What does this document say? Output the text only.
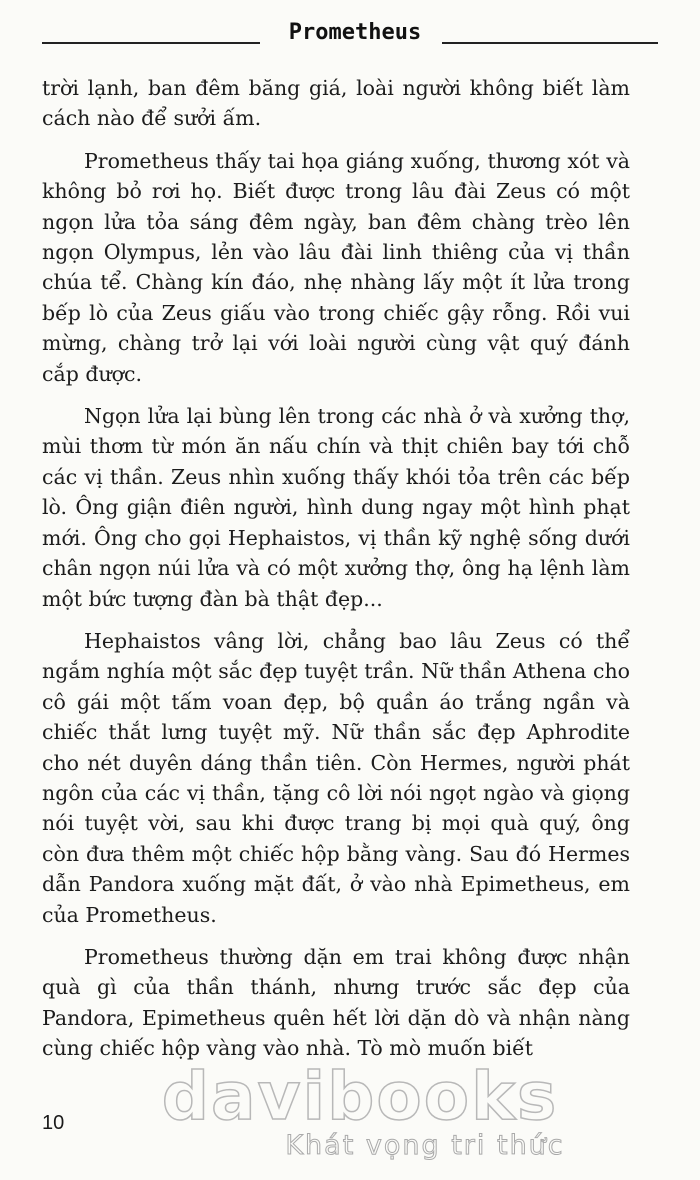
Prometheus

trời lạnh, ban đêm băng giá, loài người không biết làm cách nào để sưởi ấm.

Prometheus thấy tai họa giáng xuống, thương xót và không bỏ rơi họ. Biết được trong lâu đài Zeus có một ngọn lửa tỏa sáng đêm ngày, ban đêm chàng trèo lên ngọn Olympus, lẻn vào lâu đài linh thiêng của vị thần chúa tể. Chàng kín đáo, nhẹ nhàng lấy một ít lửa trong bếp lò của Zeus giấu vào trong chiếc gậy rỗng. Rồi vui mừng, chàng trở lại với loài người cùng vật quý đánh cắp được.

Ngọn lửa lại bùng lên trong các nhà ở và xưởng thợ, mùi thơm từ món ăn nấu chín và thịt chiên bay tới chỗ các vị thần. Zeus nhìn xuống thấy khói tỏa trên các bếp lò. Ông giận điên người, hình dung ngay một hình phạt mới. Ông cho gọi Hephaistos, vị thần kỹ nghệ sống dưới chân ngọn núi lửa và có một xưởng thợ, ông hạ lệnh làm một bức tượng đàn bà thật đẹp...

Hephaistos vâng lời, chẳng bao lâu Zeus có thể ngắm nghía một sắc đẹp tuyệt trần. Nữ thần Athena cho cô gái một tấm voan đẹp, bộ quần áo trắng ngần và chiếc thắt lưng tuyệt mỹ. Nữ thần sắc đẹp Aphrodite cho nét duyên dáng thần tiên. Còn Hermes, người phát ngôn của các vị thần, tặng cô lời nói ngọt ngào và giọng nói tuyệt vời, sau khi được trang bị mọi quà quý, ông còn đưa thêm một chiếc hộp bằng vàng. Sau đó Hermes dẫn Pandora xuống mặt đất, ở vào nhà Epimetheus, em của Prometheus.

Prometheus thường dặn em trai không được nhận quà gì của thần thánh, nhưng trước sắc đẹp của Pandora, Epimetheus quên hết lời dặn dò và nhận nàng cùng chiếc hộp vàng vào nhà. Tò mò muốn biết

10 davibooks
Khát vọng tri thức
